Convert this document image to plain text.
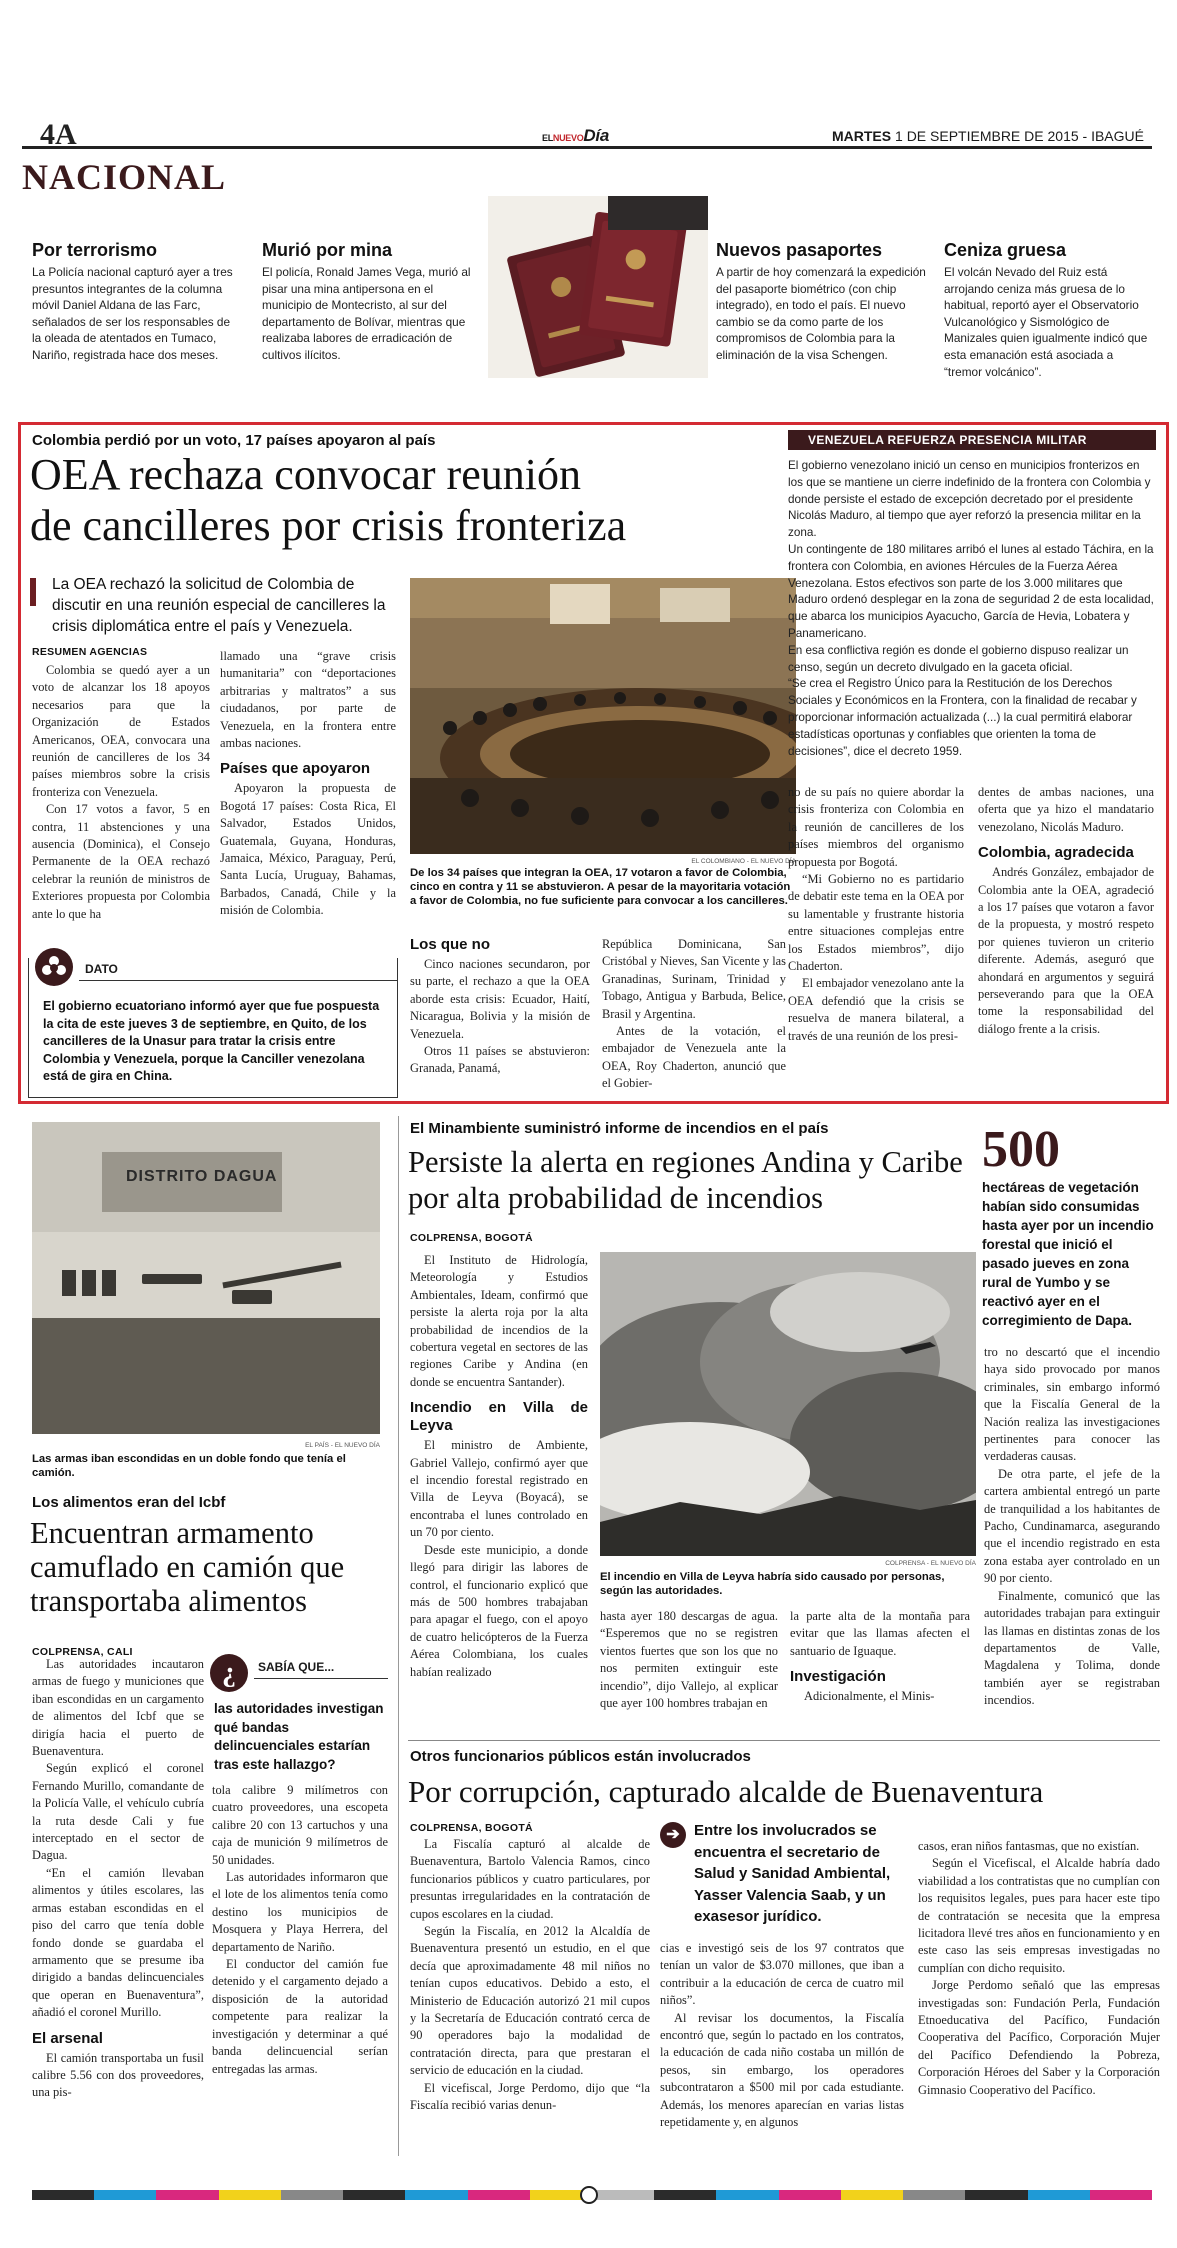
4A	ELNUEVODía	MARTES 1 DE SEPTIEMBRE DE 2015 - IBAGUÉ
NACIONAL
Por terrorismo
La Policía nacional capturó ayer a tres presuntos integrantes de la columna móvil Daniel Aldana de las Farc, señalados de ser los responsables de la oleada de atentados en Tumaco, Nariño, registrada hace dos meses.
Murió por mina
El policía, Ronald James Vega, murió al pisar una mina antipersona en el municipio de Montecristo, al sur del departamento de Bolívar, mientras que realizaba labores de erradicación de cultivos ilícitos.
Nuevos pasaportes
A partir de hoy comenzará la expedición del pasaporte biométrico (con chip integrado), en todo el país. El nuevo cambio se da como parte de los compromisos de Colombia para la eliminación de la visa Schengen.
Ceniza gruesa
El volcán Nevado del Ruiz está arrojando ceniza más gruesa de lo habitual, reportó ayer el Observatorio Vulcanológico y Sismológico de Manizales quien igualmente indicó que esta emanación está asociada a “tremor volcánico”.
Colombia perdió por un voto, 17 países apoyaron al país
OEA rechaza convocar reunión
de cancilleres por crisis fronteriza
La OEA rechazó la solicitud de Colombia de discutir en una reunión especial de cancilleres la crisis diplomática entre el país y Venezuela.
RESUMEN AGENCIAS

Colombia se quedó ayer a un voto de alcanzar los 18 apoyos necesarios para que la Organización de Estados Americanos, OEA, convocara una reunión de cancilleres de los 34 países miembros sobre la crisis fronteriza con Venezuela.

Con 17 votos a favor, 5 en contra, 11 abstenciones y una ausencia (Dominica), el Consejo Permanente de la OEA rechazó celebrar la reunión de ministros de Exteriores propuesta por Colombia ante lo que ha

llamado una “grave crisis humanitaria” con “deportaciones arbitrarias y maltratos” a sus ciudadanos, por parte de Venezuela, en la frontera entre ambas naciones.

Países que apoyaron

Apoyaron la propuesta de Bogotá 17 países: Costa Rica, El Salvador, Estados Unidos, Guatemala, Guyana, Honduras, Jamaica, México, Paraguay, Perú, Santa Lucía, Uruguay, Bahamas, Barbados, Canadá, Chile y la misión de Colombia.

DATO
El gobierno ecuatoriano informó ayer que fue pospuesta la cita de este jueves 3 de septiembre, en Quito, de los cancilleres de la Unasur para tratar la crisis entre Colombia y Venezuela, porque la Canciller venezolana está de gira en China.
EL COLOMBIANO - EL NUEVO DÍA
De los 34 países que integran la OEA, 17 votaron a favor de Colombia, cinco en contra y 11 se abstuvieron. A pesar de la mayoritaria votación a favor de Colombia, no fue suficiente para convocar a los cancilleres.
Los que no

Cinco naciones secundaron, por su parte, el rechazo a que la OEA aborde esta crisis: Ecuador, Haití, Nicaragua, Bolivia y la misión de Venezuela.

Otros 11 países se abstuvieron: Granada, Panamá,

República Dominicana, San Cristóbal y Nieves, San Vicente y las Granadinas, Surinam, Trinidad y Tobago, Antigua y Barbuda, Belice, Brasil y Argentina.

Antes de la votación, el embajador de Venezuela ante la OEA, Roy Chaderton, anunció que el Gobier-

VENEZUELA REFUERZA PRESENCIA MILITAR
El gobierno venezolano inició un censo en municipios fronterizos en los que se mantiene un cierre indefinido de la frontera con Colombia y donde persiste el estado de excepción decretado por el presidente Nicolás Maduro, al tiempo que ayer reforzó la presencia militar en la zona.
Un contingente de 180 militares arribó el lunes al estado Táchira, en la frontera con Colombia, en aviones Hércules de la Fuerza Aérea Venezolana. Estos efectivos son parte de los 3.000 militares que Maduro ordenó desplegar en la zona de seguridad 2 de esta localidad, que abarca los municipios Ayacucho, García de Hevia, Lobatera y Panamericano.
En esa conflictiva región es donde el gobierno dispuso realizar un censo, según un decreto divulgado en la gaceta oficial.
“Se crea el Registro Único para la Restitución de los Derechos Sociales y Económicos en la Frontera, con la finalidad de recabar y proporcionar información actualizada (...) la cual permitirá elaborar estadísticas oportunas y confiables que orienten la toma de decisiones”, dice el decreto 1959.

no de su país no quiere abordar la crisis fronteriza con Colombia en la reunión de cancilleres de los países miembros del organismo propuesta por Bogotá.

“Mi Gobierno no es partidario de debatir este tema en la OEA por su lamentable y frustrante historia entre situaciones complejas entre los Estados miembros”, dijo Chaderton.

El embajador venezolano ante la OEA defendió que la crisis se resuelva de manera bilateral, a través de una reunión de los presi-

dentes de ambas naciones, una oferta que ya hizo el mandatario venezolano, Nicolás Maduro.

Colombia, agradecida

Andrés González, embajador de Colombia ante la OEA, agradeció a los 17 países que votaron a favor de la propuesta, y mostró respeto por quienes tuvieron un criterio diferente. Además, aseguró que ahondará en argumentos y seguirá perseverando para que la OEA tome la responsabilidad del diálogo frente a la crisis.

DISTRITO DAGUA
EL PAÍS - EL NUEVO DÍA
Las armas iban escondidas en un doble fondo que tenía el camión.
Los alimentos eran del Icbf
Encuentran armamento camuflado en camión que transportaba alimentos
COLPRENSA, CALI

Las autoridades incautaron armas de fuego y municiones que iban escondidas en un cargamento de alimentos del Icbf que se dirigía hacia el puerto de Buenaventura.

Según explicó el coronel Fernando Murillo, comandante de la Policía Valle, el vehículo cubría la ruta desde Cali y fue interceptado en el sector de Dagua.

“En el camión llevaban alimentos y útiles escolares, las armas estaban escondidas en el piso del carro que tenía doble fondo donde se guardaba el armamento que se presume iba dirigido a bandas delincuenciales que operan en Buenaventura”, añadió el coronel Murillo.

El arsenal

El camión transportaba un fusil calibre 5.56 con dos proveedores, una pis-

¿	SABÍA QUE...
las autoridades investigan qué bandas delincuenciales estarían tras este hallazgo?

tola calibre 9 milímetros con cuatro proveedores, una escopeta calibre 20 con 13 cartuchos y una caja de munición 9 milímetros de 50 unidades.

Las autoridades informaron que el lote de los alimentos tenía como destino los municipios de Mosquera y Playa Herrera, del departamento de Nariño.

El conductor del camión fue detenido y el cargamento dejado a disposición de la autoridad competente para realizar la investigación y determinar a qué banda delincuencial serían entregadas las armas.

El Minambiente suministró informe de incendios en el país
Persiste la alerta en regiones Andina y Caribe por alta probabilidad de incendios
COLPRENSA, BOGOTÁ

El Instituto de Hidrología, Meteorología y Estudios Ambientales, Ideam, confirmó que persiste la alerta roja por la alta probabilidad de incendios de la cobertura vegetal en sectores de las regiones Caribe y Andina (en donde se encuentra Santander).

Incendio en Villa de Leyva

El ministro de Ambiente, Gabriel Vallejo, confirmó ayer que el incendio forestal registrado en Villa de Leyva (Boyacá), se encontraba el lunes controlado en un 70 por ciento.

Desde este municipio, a donde llegó para dirigir las labores de control, el funcionario explicó que más de 500 hombres trabajaban para apagar el fuego, con el apoyo de cuatro helicópteros de la Fuerza Aérea Colombiana, los cuales habían realizado

COLPRENSA - EL NUEVO DÍA
El incendio en Villa de Leyva habría sido causado por personas, según las autoridades.

hasta ayer 180 descargas de agua. “Esperemos que no se registren vientos fuertes que son los que no nos permiten extinguir este incendio”, dijo Vallejo, al explicar que ayer 100 hombres trabajan en

la parte alta de la montaña para evitar que las llamas afecten el santuario de Iguaque.

Investigación

Adicionalmente, el Minis-

500
hectáreas de vegetación habían sido consumidas hasta ayer por un incendio forestal que inició el pasado jueves en zona rural de Yumbo y se reactivó ayer en el corregimiento de Dapa.

tro no descartó que el incendio haya sido provocado por manos criminales, sin embargo informó que la Fiscalía General de la Nación realiza las investigaciones pertinentes para conocer las verdaderas causas.

De otra parte, el jefe de la cartera ambiental entregó un parte de tranquilidad a los habitantes de Pacho, Cundinamarca, asegurando que el incendio registrado en esta zona estaba ayer controlado en un 90 por ciento.

Finalmente, comunicó que las autoridades trabajan para extinguir las llamas en distintas zonas de los departamentos de Valle, Magdalena y Tolima, donde también ayer se registraban incendios.

Otros funcionarios públicos están involucrados
Por corrupción, capturado alcalde de Buenaventura
COLPRENSA, BOGOTÁ

La Fiscalía capturó al alcalde de Buenaventura, Bartolo Valencia Ramos, cinco funcionarios públicos y cuatro particulares, por presuntas irregularidades en la contratación de cupos escolares en la ciudad.

Según la Fiscalía, en 2012 la Alcaldía de Buenaventura presentó un estudio, en el que decía que aproximadamente 48 mil niños no tenían cupos educativos. Debido a esto, el Ministerio de Educación autorizó 21 mil cupos y la Secretaría de Educación contrató cerca de 90 operadores bajo la modalidad de contratación directa, para que prestaran el servicio de educación en la ciudad.

El vicefiscal, Jorge Perdomo, dijo que “la Fiscalía recibió varias denun-

➔ Entre los involucrados se encuentra el secretario de Salud y Sanidad Ambiental, Yasser Valencia Saab, y un exasesor jurídico.

cias e investigó seis de los 97 contratos que tenían un valor de $3.070 millones, que iban a contribuir a la educación de cerca de cuatro mil niños”.

Al revisar los documentos, la Fiscalía encontró que, según lo pactado en los contratos, la educación de cada niño costaba un millón de pesos, sin embargo, los operadores subcontrataron a $500 mil por cada estudiante. Además, los menores aparecían en varias listas repetidamente y, en algunos

casos, eran niños fantasmas, que no existían.

Según el Vicefiscal, el Alcalde habría dado viabilidad a los contratistas que no cumplían con los requisitos legales, pues para hacer este tipo de contratación se necesita que la empresa licitadora llevé tres años en funcionamiento y en este caso las seis empresas investigadas no cumplían con dicho requisito.

Jorge Perdomo señaló que las empresas investigadas son: Fundación Perla, Fundación Etnoeducativa del Pacífico, Fundación Cooperativa del Pacífico, Corporación Mujer del Pacífico Defendiendo la Pobreza, Corporación Héroes del Saber y la Corporación Gimnasio Cooperativo del Pacífico.
